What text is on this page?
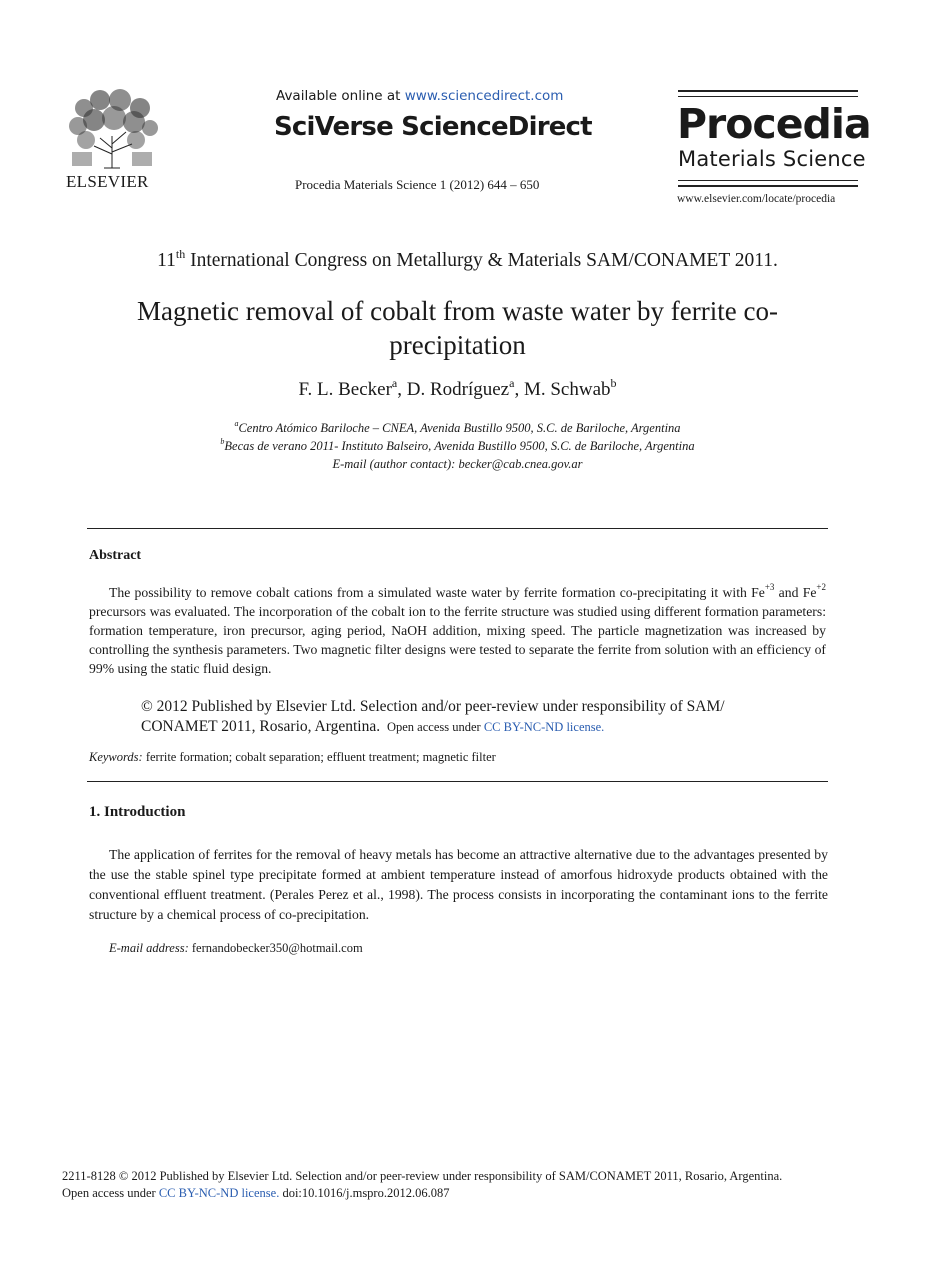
ELSEVIER
Available online at www.sciencedirect.com
SciVerse ScienceDirect
Procedia Materials Science 1 (2012) 644 – 650
Procedia
Materials Science
www.elsevier.com/locate/procedia
11th International Congress on Metallurgy & Materials SAM/CONAMET 2011.
Magnetic removal of cobalt from waste water by ferrite co-
precipitation
F. L. Becker$^a$, D. Rodríguez$^a$, M. Schwab$^b$
$^a$Centro Atómico Bariloche – CNEA, Avenida Bustillo 9500, S.C. de Bariloche, Argentina
$^b$Becas de verano 2011- Instituto Balseiro, Avenida Bustillo 9500, S.C. de Bariloche, Argentina
E-mail (author contact): becker@cab.cnea.gov.ar
Abstract
The possibility to remove cobalt cations from a simulated waste water by ferrite formation co-precipitating it with $Fe^{+3}$ and $Fe^{+2}$ precursors was evaluated. The incorporation of the cobalt ion to the ferrite structure was studied using different formation parameters: formation temperature, iron precursor, aging period, NaOH addition, mixing speed. The particle magnetization was increased by controlling the synthesis parameters. Two magnetic filter designs were tested to separate the ferrite from solution with an efficiency of 99% using the static fluid design.
© 2012 Published by Elsevier Ltd. Selection and/or peer-review under responsibility of SAM/
CONAMET 2011, Rosario, Argentina. Open access under CC BY-NC-ND license.
Keywords: ferrite formation; cobalt separation; effluent treatment; magnetic filter
1. Introduction
The application of ferrites for the removal of heavy metals has become an attractive alternative due to the advantages presented by the use the stable spinel type precipitate formed at ambient temperature instead of amorfous hidroxyde products obtained with the conventional effluent treatment. (Perales Perez et al., 1998). The process consists in incorporating the contaminant ions to the ferrite structure by a chemical process of co-precipitation.
E-mail address: fernandobecker350@hotmail.com
2211-8128 © 2012 Published by Elsevier Ltd. Selection and/or peer-review under responsibility of SAM/CONAMET 2011, Rosario, Argentina.
Open access under CC BY-NC-ND license. doi:10.1016/j.mspro.2012.06.087
